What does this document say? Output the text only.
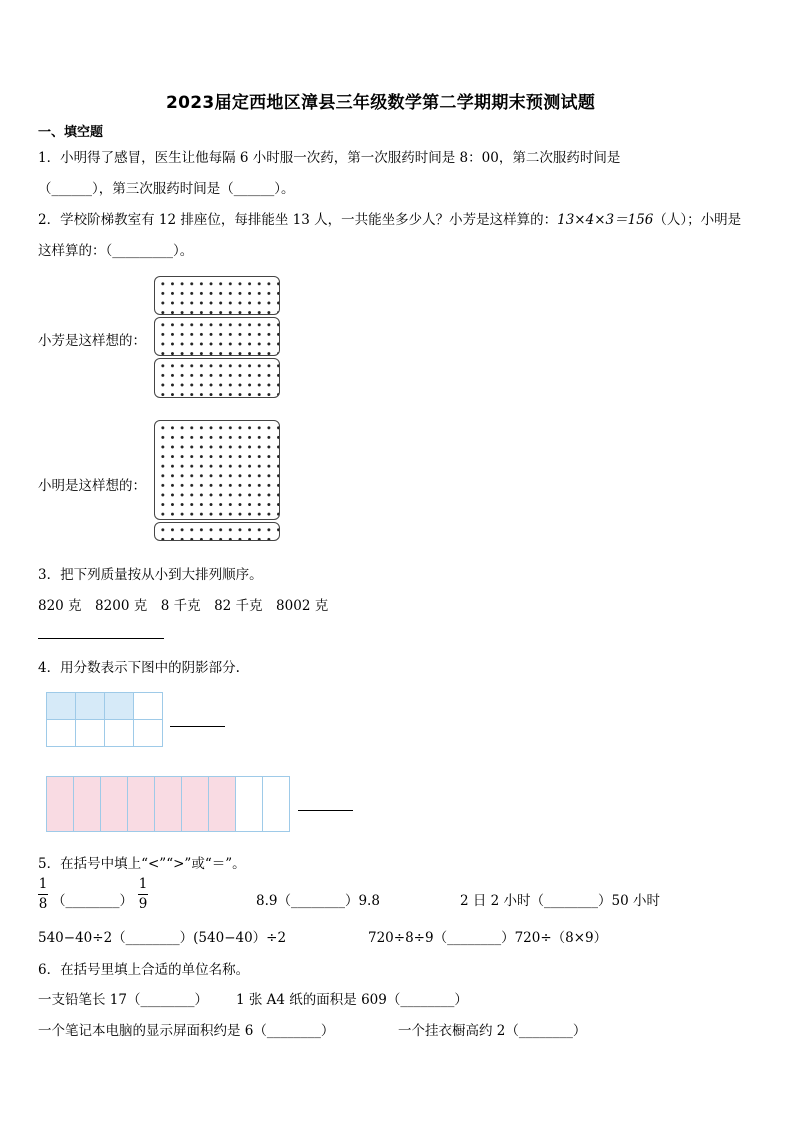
2023届定西地区漳县三年级数学第二学期期末预测试题
一、填空题
1．小明得了感冒，医生让他每隔 6 小时服一次药，第一次服药时间是 8：00，第二次服药时间是
（______），第三次服药时间是（______）。
2．学校阶梯教室有 12 排座位，每排能坐 13 人，一共能坐多少人？小芳是这样算的：13×4×3＝156（人）；小明是
这样算的：（_________）。
小芳是这样想的：
小明是这样想的：
3．把下列质量按从小到大排列顺序。
820 克　8200 克　8 千克　82 千克　8002 克
4．用分数表示下图中的阴影部分.

5．在括号中填上“<”“>”或“＝”。
1
8 （________）
1
9	8.9（________）9.8	2 日 2 小时（________）50 小时
540−40÷2（________）(540−40）÷2	720÷8÷9（________）720÷（8×9）
6．在括号里填上合适的单位名称。
一支铅笔长 17（________） 1 张 A4 纸的面积是 609（________）
一个笔记本电脑的显示屏面积约是 6（________）	一个挂衣橱高约 2（________）
